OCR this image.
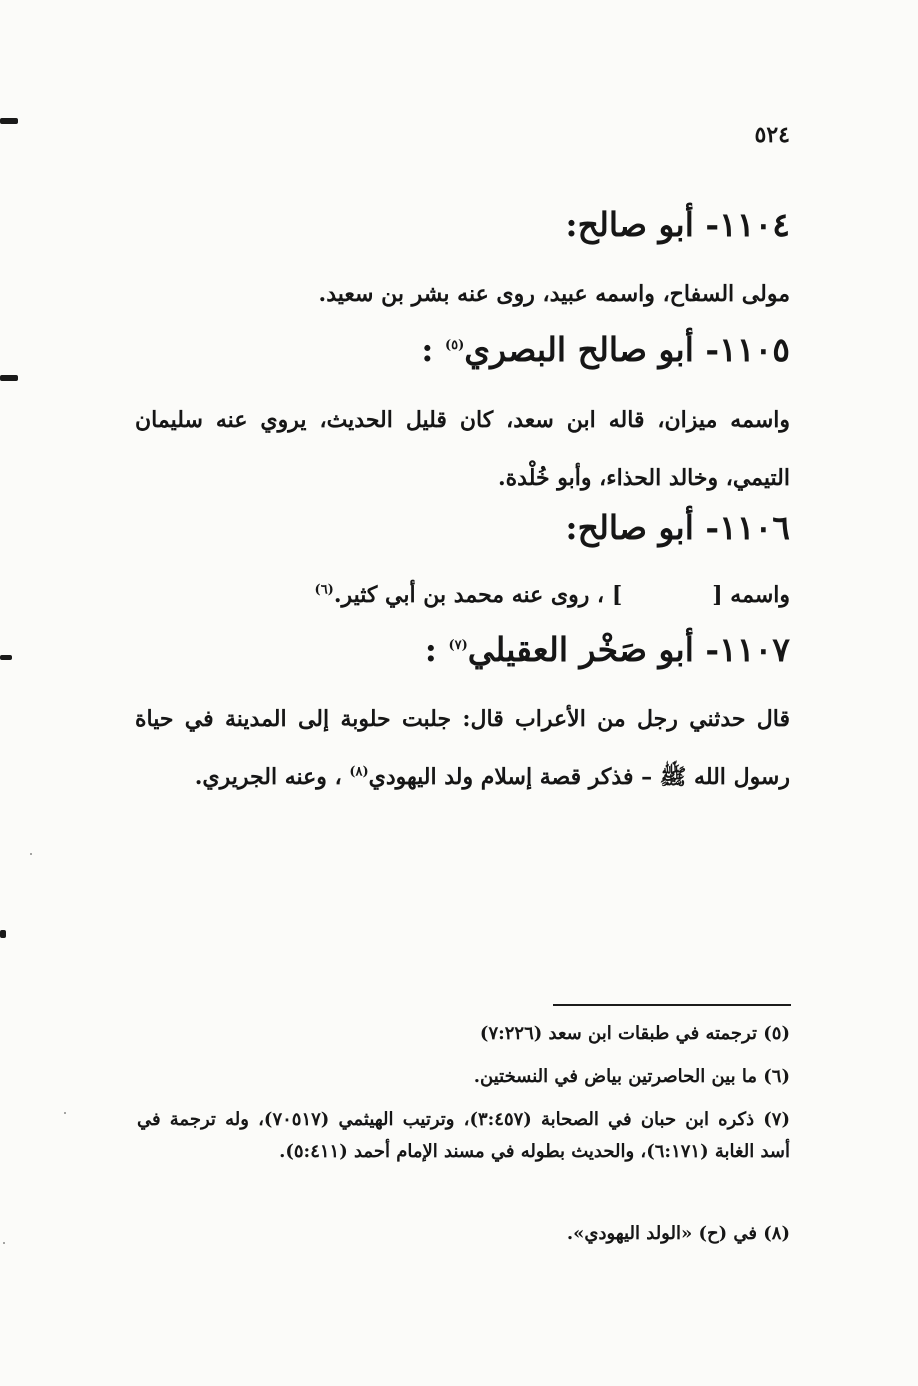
٥٢٤
١١٠٤- أبو صالح:
مولى السفاح، واسمه عبيد، روى عنه بشر بن سعيد.
١١٠٥- أبو صالح البصري$^{(٥)}$ :
واسمه ميزان، قاله ابن سعد، كان قليل الحديث، يروي عنه سليمان التيمي، وخالد الحذاء، وأبو خُلْدة.
١١٠٦- أبو صالح:
واسمه [] ، روى عنه محمد بن أبي كثير.$^{(٦)}$
١١٠٧- أبو صَخْر العقيلي$^{(٧)}$ :
قال حدثني رجل من الأعراب قال: جلبت حلوبة إلى المدينة في حياة رسول الله ﷺ – فذكر قصة إسلام ولد اليهودي$^{(٨)}$ ، وعنه الجريري.
(٥) ترجمته في طبقات ابن سعد (٧:٢٢٦)
(٦) ما بين الحاصرتين بياض في النسختين.
(٧) ذكره ابن حبان في الصحابة (٣:٤٥٧)، وترتيب الهيثمي (٧٠٥١٧)، وله ترجمة في أسد الغابة (٦:١٧١)، والحديث بطوله في مسند الإمام أحمد (٥:٤١١).
(٨) في (ح) «الولد اليهودي».
